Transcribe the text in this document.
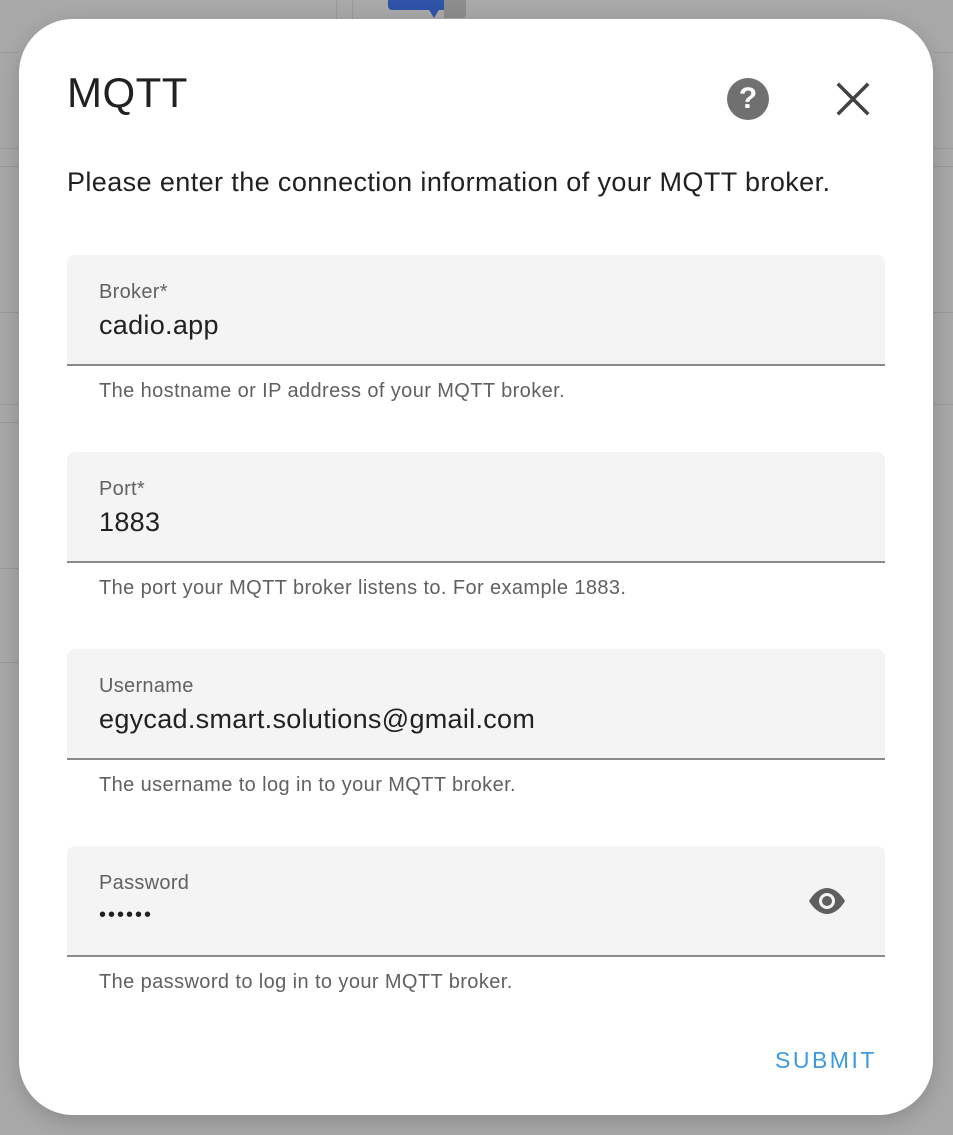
MQTT	?
Please enter the connection information of your MQTT broker.
Broker*
cadio.app
The hostname or IP address of your MQTT broker.
Port*
1883
The port your MQTT broker listens to. For example 1883.
Username
egycad.smart.solutions@gmail.com
The username to log in to your MQTT broker.
Password
••••••
The password to log in to your MQTT broker.
SUBMIT
